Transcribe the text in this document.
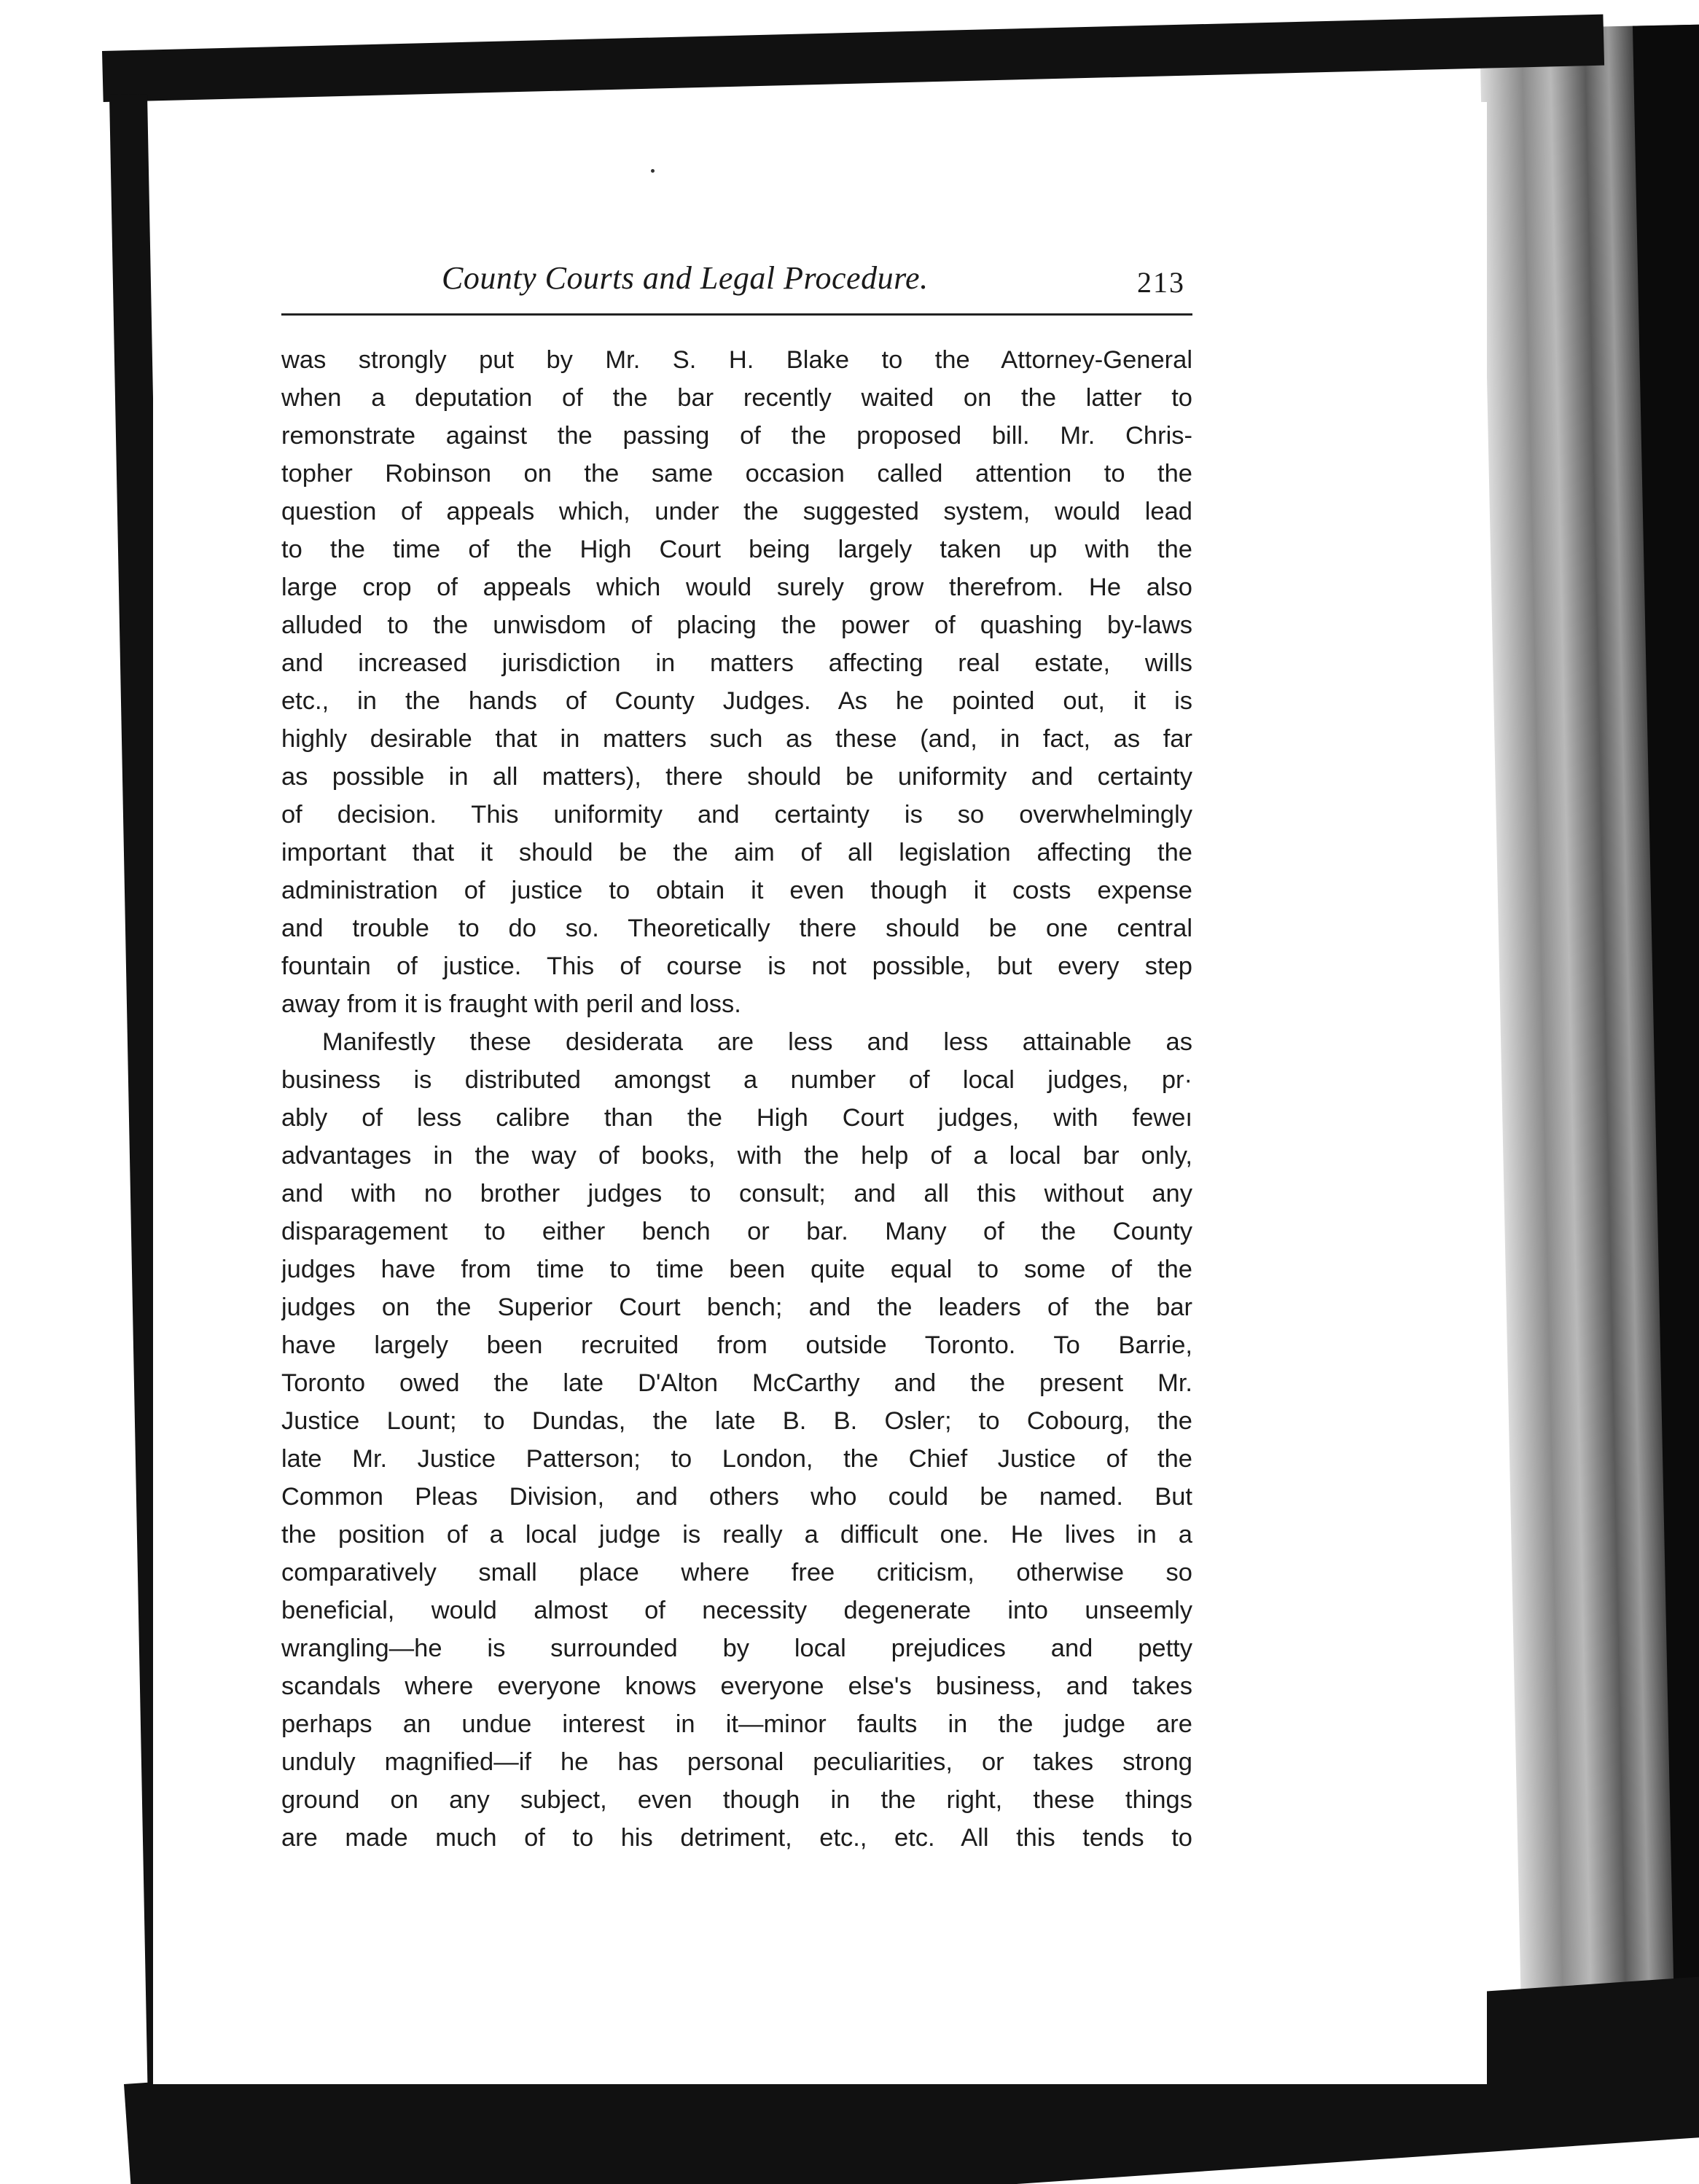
County Courts and Legal Procedure.	213
was strongly put by Mr. S. H. Blake to the Attorney-General
when a deputation of the bar recently waited on the latter to
remonstrate against the passing of the proposed bill. Mr. Chris-
topher Robinson on the same occasion called attention to the
question of appeals which, under the suggested system, would lead
to the time of the High Court being largely taken up with the
large crop of appeals which would surely grow therefrom. He also
alluded to the unwisdom of placing the power of quashing by-laws
and increased jurisdiction in matters affecting real estate, wills
etc., in the hands of County Judges. As he pointed out, it is
highly desirable that in matters such as these (and, in fact, as far
as possible in all matters), there should be uniformity and certainty
of decision. This uniformity and certainty is so overwhelmingly
important that it should be the aim of all legislation affecting the
administration of justice to obtain it even though it costs expense
and trouble to do so. Theoretically there should be one central
fountain of justice. This of course is not possible, but every step
away from it is fraught with peril and loss.
Manifestly these desiderata are less and less attainable as
business is distributed amongst a number of local judges, pr·
ably of less calibre than the High Court judges, with feweı
advantages in the way of books, with the help of a local bar only,
and with no brother judges to consult; and all this without any
disparagement to either bench or bar. Many of the County
judges have from time to time been quite equal to some of the
judges on the Superior Court bench; and the leaders of the bar
have largely been recruited from outside Toronto. To Barrie,
Toronto owed the late D'Alton McCarthy and the present Mr.
Justice Lount; to Dundas, the late B. B. Osler; to Cobourg, the
late Mr. Justice Patterson; to London, the Chief Justice of the
Common Pleas Division, and others who could be named. But
the position of a local judge is really a difficult one. He lives in a
comparatively small place where free criticism, otherwise so
beneficial, would almost of necessity degenerate into unseemly
wrangling—he is surrounded by local prejudices and petty
scandals where everyone knows everyone else's business, and takes
perhaps an undue interest in it—minor faults in the judge are
unduly magnified—if he has personal peculiarities, or takes strong
ground on any subject, even though in the right, these things
are made much of to his detriment, etc., etc. All this tends to
